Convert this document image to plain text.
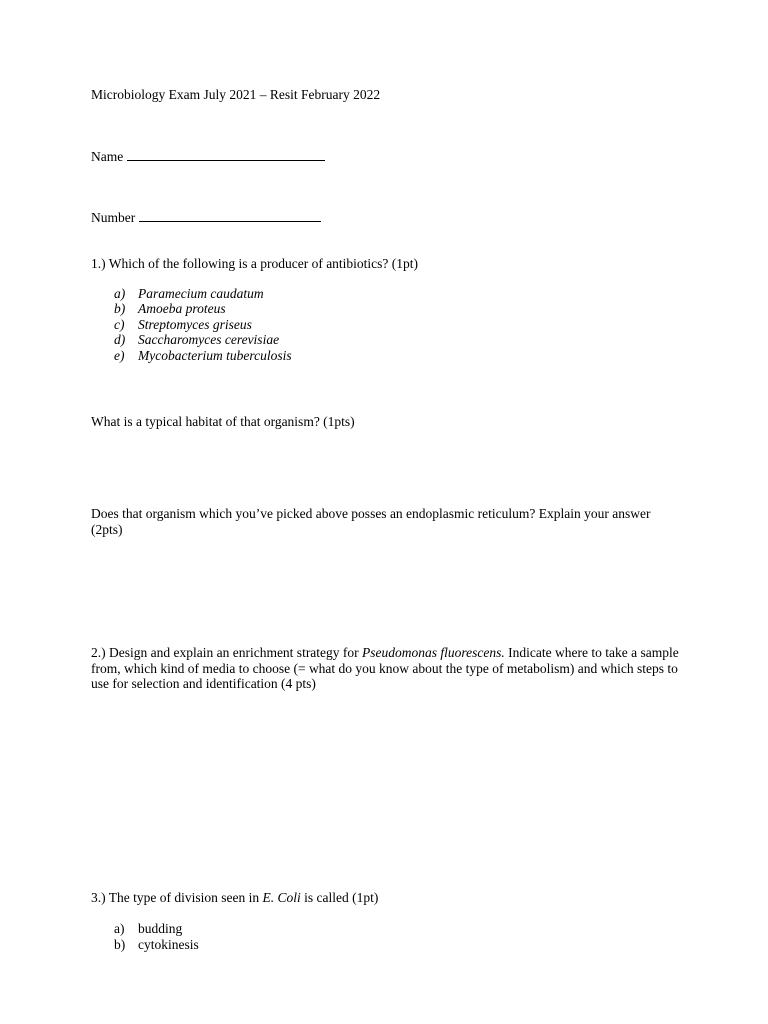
Microbiology Exam July 2021 – Resit February 2022
Name
Number
1.) Which of the following is a producer of antibiotics? (1pt)
a) Paramecium caudatum
b) Amoeba proteus
c) Streptomyces griseus
d) Saccharomyces cerevisiae
e) Mycobacterium tuberculosis
What is a typical habitat of that organism? (1pts)
Does that organism which you’ve picked above posses an endoplasmic reticulum? Explain your answer (2pts)
2.) Design and explain an enrichment strategy for Pseudomonas fluorescens. Indicate where to take a sample from, which kind of media to choose (= what do you know about the type of metabolism) and which steps to use for selection and identification (4 pts)
3.) The type of division seen in E. Coli is called (1pt)
a) budding
b) cytokinesis
